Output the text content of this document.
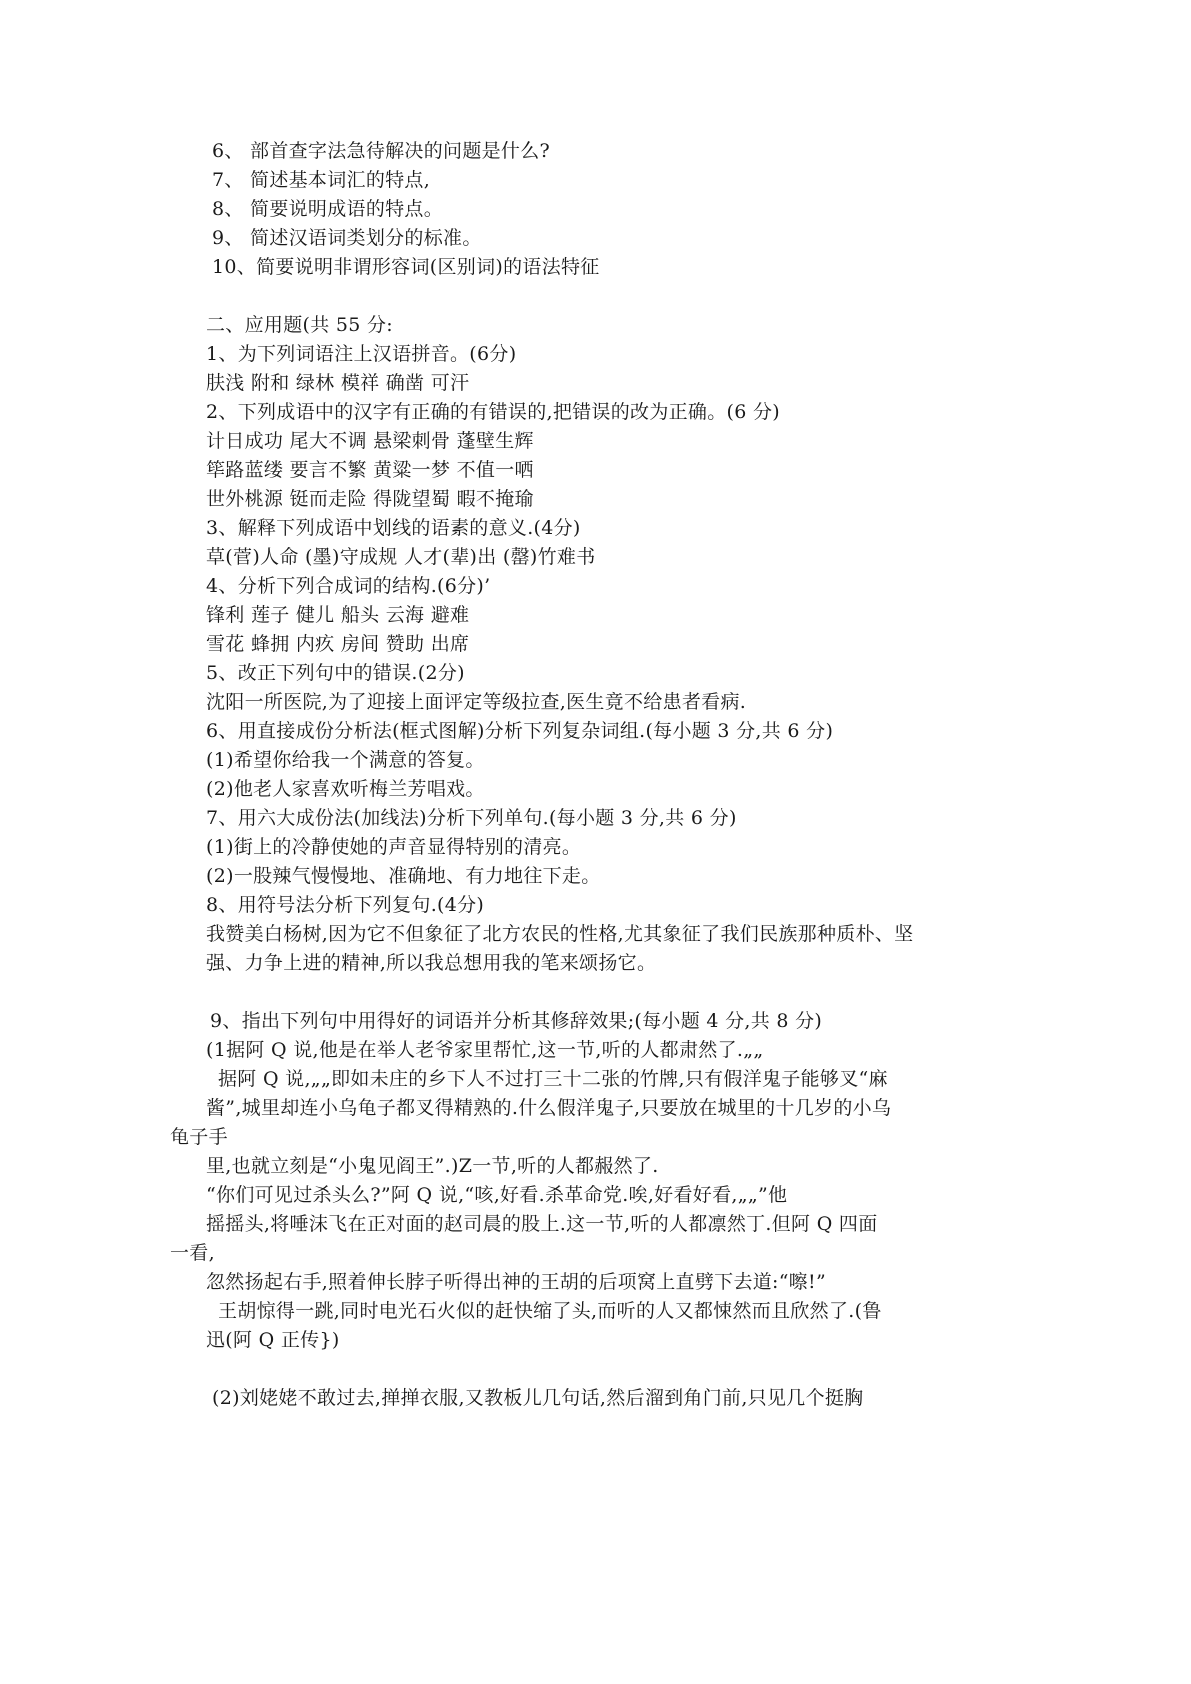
6、 部首查字法急待解决的问题是什么?
7、 简述基本词汇的特点,
8、 简要说明成语的特点。
9、 简述汉语词类划分的标准。
10、简要说明非谓形容词(区别词)的语法特征
二、应用题(共 55 分:
1、为下列词语注上汉语拼音。(6分)
肤浅 附和 绿林 模祥 确凿 可汗
2、下列成语中的汉字有正确的有错误的,把错误的改为正确。(6 分)
计日成功 尾大不调 悬梁刺骨 蓬壁生辉
筚路蓝缕 要言不繁 黄粱一梦 不值一哂
世外桃源 铤而走险 得陇望蜀 暇不掩瑜
3、解释下列成语中划线的语素的意义.(4分)
草(菅)人命 (墨)守成规 人才(辈)出 (罄)竹难书
4、分析下列合成词的结构.(6分)’
锋利 莲子 健儿 船头 云海 避难
雪花 蜂拥 内疚 房间 赞助 出席
5、改正下列句中的错误.(2分)
沈阳一所医院,为了迎接上面评定等级拉查,医生竟不给患者看病.
6、用直接成份分析法(框式图解)分析下列复杂词组.(每小题 3 分,共 6 分)
(1)希望你给我一个满意的答复。
(2)他老人家喜欢听梅兰芳唱戏。
7、用六大成份法(加线法)分析下列单句.(每小题 3 分,共 6 分)
(1)街上的冷静使她的声音显得特别的清亮。
(2)一股辣气慢慢地、准确地、有力地往下走。
8、用符号法分析下列复句.(4分)
我赞美白杨树,因为它不但象征了北方农民的性格,尤其象征了我们民族那种质朴、坚
强、力争上进的精神,所以我总想用我的笔来颂扬它。
9、指出下列句中用得好的词语并分析其修辞效果;(每小题 4 分,共 8 分)
(1据阿 Q 说,他是在举人老爷家里帮忙,这一节,听的人都肃然了.„„
据阿 Q 说,„„即如未庄的乡下人不过打三十二张的竹牌,只有假洋鬼子能够叉“麻
酱”,城里却连小乌龟子都叉得精熟的.什么假洋鬼子,只要放在城里的十几岁的小乌
龟子手
里,也就立刻是“小鬼见阎王”.)Z一节,听的人都赧然了.
“你们可见过杀头么?”阿 Q 说,“咳,好看.杀革命党.唉,好看好看,„„”他
摇摇头,将唾沫飞在正对面的赵司晨的股上.这一节,听的人都凛然丁.但阿 Q 四面
一看,
忽然扬起右手,照着伸长脖子听得出神的王胡的后项窝上直劈下去道:“嚓!”
王胡惊得一跳,同时电光石火似的赶快缩了头,而听的人又都悚然而且欣然了.(鲁
迅(阿 Q 正传})
(2)刘姥姥不敢过去,掸掸衣服,又教板儿几句话,然后溜到角门前,只见几个挺胸
